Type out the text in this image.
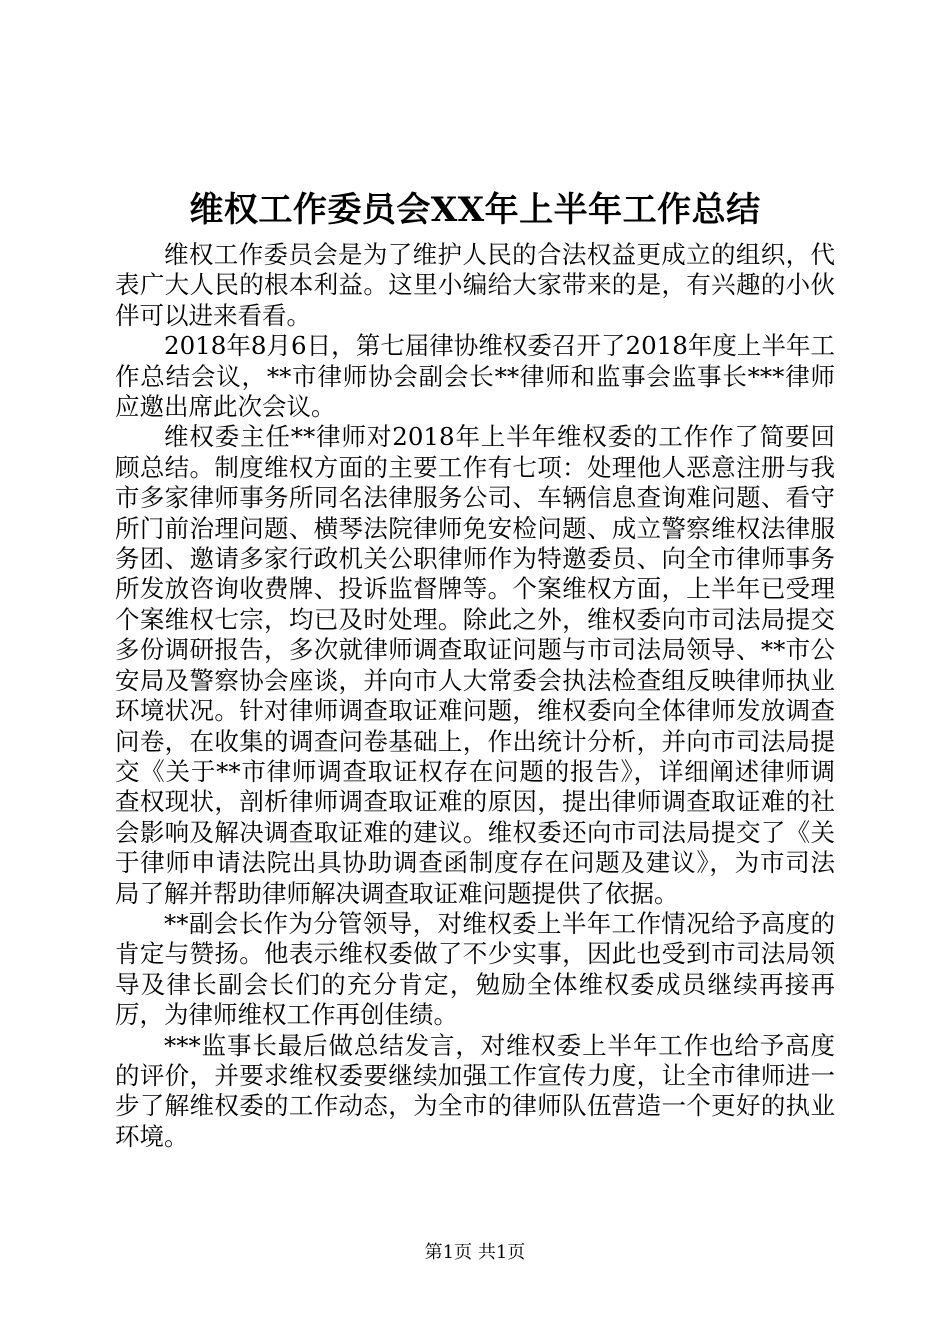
维权工作委员会XX年上半年工作总结

维权工作委员会是为了维护人民的合法权益更成立的组织，代表广大人民的根本利益。这里小编给大家带来的是，有兴趣的小伙伴可以进来看看。

2018年8月6日，第七届律协维权委召开了2018年度上半年工作总结会议，**市律师协会副会长**律师和监事会监事长***律师应邀出席此次会议。

维权委主任**律师对2018年上半年维权委的工作作了简要回顾总结。制度维权方面的主要工作有七项：处理他人恶意注册与我市多家律师事务所同名法律服务公司、车辆信息查询难问题、看守所门前治理问题、横琴法院律师免安检问题、成立警察维权法律服务团、邀请多家行政机关公职律师作为特邀委员、向全市律师事务所发放咨询收费牌、投诉监督牌等。个案维权方面，上半年已受理个案维权七宗，均已及时处理。除此之外，维权委向市司法局提交多份调研报告，多次就律师调查取证问题与市司法局领导、**市公安局及警察协会座谈，并向市人大常委会执法检查组反映律师执业环境状况。针对律师调查取证难问题，维权委向全体律师发放调查问卷，在收集的调查问卷基础上，作出统计分析，并向市司法局提交《关于**市律师调查取证权存在问题的报告》，详细阐述律师调查权现状，剖析律师调查取证难的原因，提出律师调查取证难的社会影响及解决调查取证难的建议。维权委还向市司法局提交了《关于律师申请法院出具协助调查函制度存在问题及建议》，为市司法局了解并帮助律师解决调查取证难问题提供了依据。

**副会长作为分管领导，对维权委上半年工作情况给予高度的肯定与赞扬。他表示维权委做了不少实事，因此也受到市司法局领导及律长副会长们的充分肯定，勉励全体维权委成员继续再接再厉，为律师维权工作再创佳绩。

***监事长最后做总结发言，对维权委上半年工作也给予高度的评价，并要求维权委要继续加强工作宣传力度，让全市律师进一步了解维权委的工作动态，为全市的律师队伍营造一个更好的执业环境。

第1页 共1页
